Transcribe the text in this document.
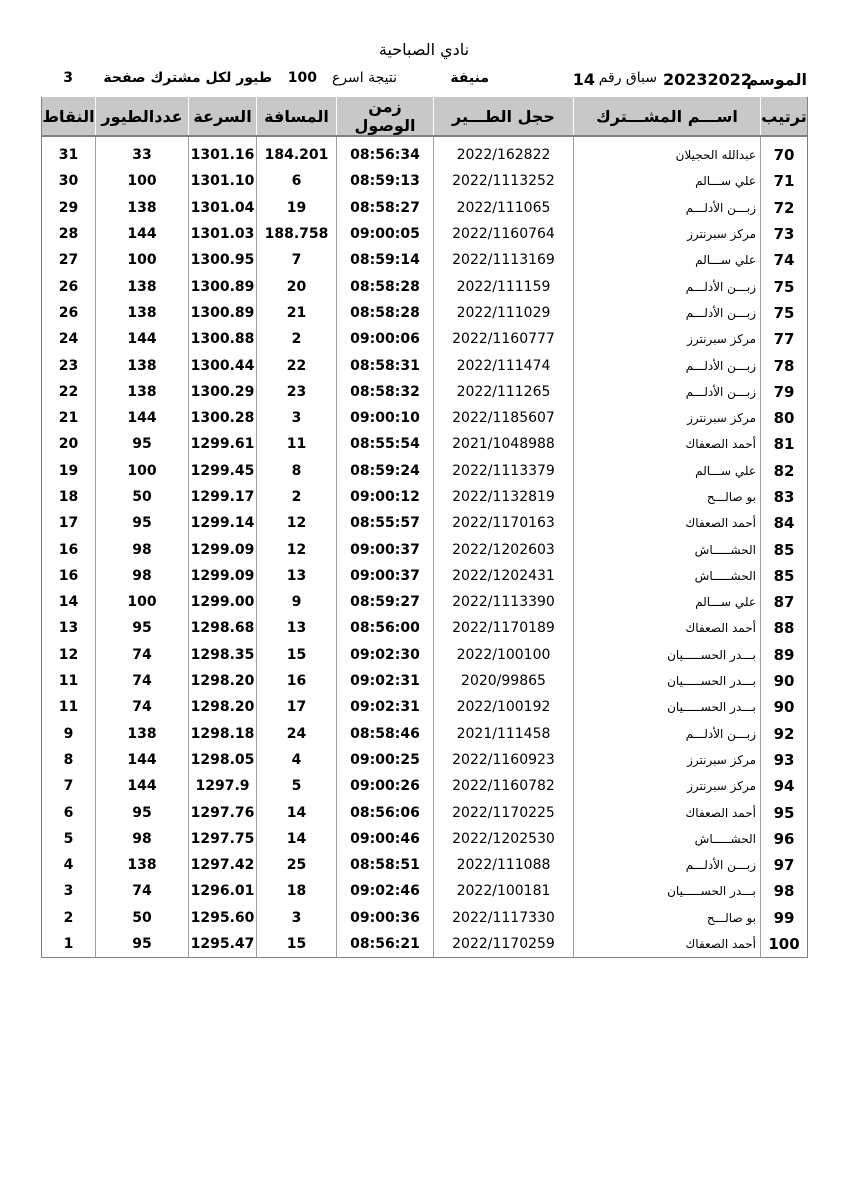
نادي الصباحية
الموسم
20232022
سباق رقم
14
منيفة
نتيجة اسرع
100
طيور لكل مشترك صفحة
3
ترتيب	اســـم المشـــترك	حجل الطـــير	زمن الوصول	المسافة	السرعة	عددالطيور	النقاط

70	عبدالله الحجيلان	2022/162822	08:56:34	184.201	1301.16	33	31
71	علي ســـالم	2022/1113252	08:59:13	6	1301.10	100	30
72	زبـــن الأدلـــم	2022/111065	08:58:27	19	1301.04	138	29
73	مركز سبرنترز	2022/1160764	09:00:05	188.758	1301.03	144	28
74	علي ســـالم	2022/1113169	08:59:14	7	1300.95	100	27
75	زبـــن الأدلـــم	2022/111159	08:58:28	20	1300.89	138	26
75	زبـــن الأدلـــم	2022/111029	08:58:28	21	1300.89	138	26
77	مركز سبرنترز	2022/1160777	09:00:06	2	1300.88	144	24
78	زبـــن الأدلـــم	2022/111474	08:58:31	22	1300.44	138	23
79	زبـــن الأدلـــم	2022/111265	08:58:32	23	1300.29	138	22
80	مركز سبرنترز	2022/1185607	09:00:10	3	1300.28	144	21
81	أحمد الصعفاك	2021/1048988	08:55:54	11	1299.61	95	20
82	علي ســـالم	2022/1113379	08:59:24	8	1299.45	100	19
83	بو صالـــح	2022/1132819	09:00:12	2	1299.17	50	18
84	أحمد الصعفاك	2022/1170163	08:55:57	12	1299.14	95	17
85	الحشـــــاش	2022/1202603	09:00:37	12	1299.09	98	16
85	الحشـــــاش	2022/1202431	09:00:37	13	1299.09	98	16
87	علي ســـالم	2022/1113390	08:59:27	9	1299.00	100	14
88	أحمد الصعفاك	2022/1170189	08:56:00	13	1298.68	95	13
89	بـــدر الحســـــيان	2022/100100	09:02:30	15	1298.35	74	12
90	بـــدر الحســـــيان	2020/99865	09:02:31	16	1298.20	74	11
90	بـــدر الحســـــيان	2022/100192	09:02:31	17	1298.20	74	11
92	زبـــن الأدلـــم	2021/111458	08:58:46	24	1298.18	138	9
93	مركز سبرنترز	2022/1160923	09:00:25	4	1298.05	144	8
94	مركز سبرنترز	2022/1160782	09:00:26	5	1297.9	144	7
95	أحمد الصعفاك	2022/1170225	08:56:06	14	1297.76	95	6
96	الحشـــــاش	2022/1202530	09:00:46	14	1297.75	98	5
97	زبـــن الأدلـــم	2022/111088	08:58:51	25	1297.42	138	4
98	بـــدر الحســـــيان	2022/100181	09:02:46	18	1296.01	74	3
99	بو صالـــح	2022/1117330	09:00:36	3	1295.60	50	2
100	أحمد الصعفاك	2022/1170259	08:56:21	15	1295.47	95	1
